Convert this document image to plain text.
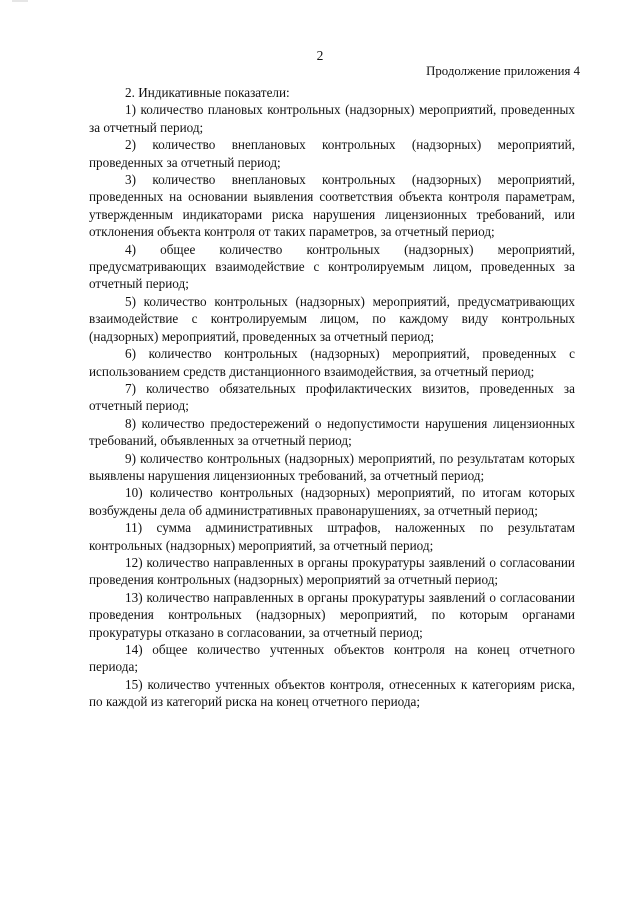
2
Продолжение приложения 4

2. Индикативные показатели:

1) количество плановых контрольных (надзорных) мероприятий, проведенных за отчетный период;

2) количество внеплановых контрольных (надзорных) мероприятий, проведенных за отчетный период;

3) количество внеплановых контрольных (надзорных) мероприятий, проведенных на основании выявления соответствия объекта контроля параметрам, утвержденным индикаторами риска нарушения лицензионных требований, или отклонения объекта контроля от таких параметров, за отчетный период;

4) общее количество контрольных (надзорных) мероприятий, предусматривающих взаимодействие с контролируемым лицом, проведенных за отчетный период;

5) количество контрольных (надзорных) мероприятий, предусматривающих взаимодействие с контролируемым лицом, по каждому виду контрольных (надзорных) мероприятий, проведенных за отчетный период;

6) количество контрольных (надзорных) мероприятий, проведенных с использованием средств дистанционного взаимодействия, за отчетный период;

7) количество обязательных профилактических визитов, проведенных за отчетный период;

8) количество предостережений о недопустимости нарушения лицензионных требований, объявленных за отчетный период;

9) количество контрольных (надзорных) мероприятий, по результатам которых выявлены нарушения лицензионных требований, за отчетный период;

10) количество контрольных (надзорных) мероприятий, по итогам которых возбуждены дела об административных правонарушениях, за отчетный период;

11) сумма административных штрафов, наложенных по результатам контрольных (надзорных) мероприятий, за отчетный период;

12) количество направленных в органы прокуратуры заявлений о согласовании проведения контрольных (надзорных) мероприятий за отчетный период;

13) количество направленных в органы прокуратуры заявлений о согласовании проведения контрольных (надзорных) мероприятий, по которым органами прокуратуры отказано в согласовании, за отчетный период;

14) общее количество учтенных объектов контроля на конец отчетного периода;

15) количество учтенных объектов контроля, отнесенных к категориям риска, по каждой из категорий риска на конец отчетного периода;
